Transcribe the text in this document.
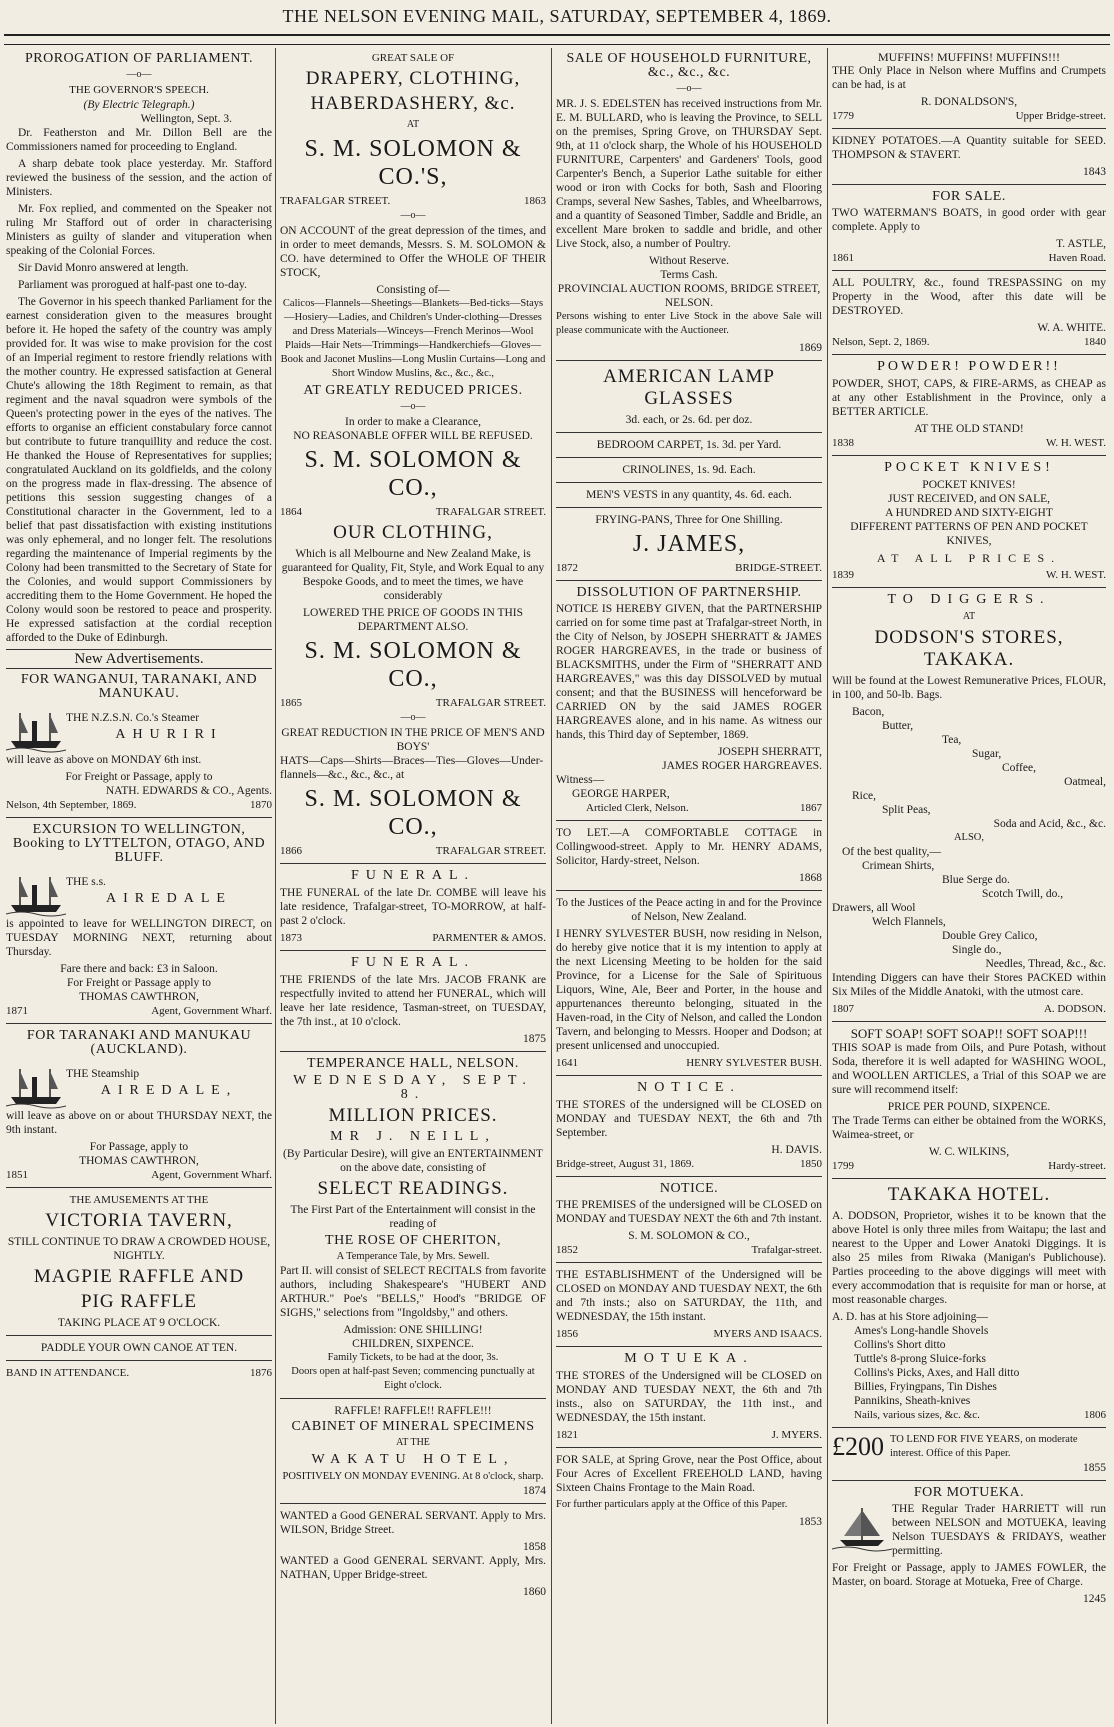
THE NELSON EVENING MAIL, SATURDAY, SEPTEMBER 4, 1869.
PROROGATION OF PARLIAMENT.
—o—
THE GOVERNOR'S SPEECH.
(By Electric Telegraph.)
Wellington, Sept. 3.

Dr. Featherston and Mr. Dillon Bell are the Commissioners named for proceeding to England.

A sharp debate took place yesterday. Mr. Stafford reviewed the business of the session, and the action of Ministers.

Mr. Fox replied, and commented on the Speaker not ruling Mr Stafford out of order in characterising Ministers as guilty of slander and vituperation when speaking of the Colonial Forces.

Sir David Monro answered at length.

Parliament was prorogued at half-past one to-day.

The Governor in his speech thanked Parliament for the earnest consideration given to the measures brought before it. He hoped the safety of the country was amply provided for. It was wise to make provision for the cost of an Imperial regiment to restore friendly relations with the mother country. He expressed satisfaction at General Chute's allowing the 18th Regiment to remain, as that regiment and the naval squadron were symbols of the Queen's protecting power in the eyes of the natives. The efforts to organise an efficient constabulary force cannot but contribute to future tranquillity and reduce the cost. He thanked the House of Representatives for supplies; congratulated Auckland on its goldfields, and the colony on the progress made in flax-dressing. The absence of petitions this session suggesting changes of a Constitutional character in the Government, led to a belief that past dissatisfaction with existing institutions was only ephemeral, and no longer felt. The resolutions regarding the maintenance of Imperial regiments by the Colony had been transmitted to the Secretary of State for the Colonies, and would support Commissioners by accrediting them to the Home Government. He hoped the Colony would soon be restored to peace and prosperity. He expressed satisfaction at the cordial reception afforded to the Duke of Edinburgh.

New Advertisements.
FOR WANGANUI, TARANAKI, AND MANUKAU.
THE N.Z.S.N. Co.'s Steamer
AHURIRI

will leave as above on MONDAY 6th inst.

For Freight or Passage, apply to
NATH. EDWARDS & CO., Agents.
Nelson, 4th September, 1869.	1870
EXCURSION TO WELLINGTON, Booking to LYTTELTON, OTAGO, AND BLUFF.
THE s.s.
AIREDALE

is appointed to leave for WELLINGTON DIRECT, on TUESDAY MORNING NEXT, returning about Thursday.

Fare there and back: £3 in Saloon.
For Freight or Passage apply to
THOMAS CAWTHRON,
1871	Agent, Government Wharf.
FOR TARANAKI AND MANUKAU (AUCKLAND).
THE Steamship
AIREDALE,

will leave as above on or about THURSDAY NEXT, the 9th instant.

For Passage, apply to
THOMAS CAWTHRON,
1851	Agent, Government Wharf.
THE AMUSEMENTS AT THE
VICTORIA TAVERN,
STILL CONTINUE TO DRAW A CROWDED HOUSE, NIGHTLY.
MAGPIE RAFFLE AND
PIG RAFFLE
TAKING PLACE AT 9 O'CLOCK.
PADDLE YOUR OWN CANOE AT TEN.
BAND IN ATTENDANCE.	1876
GREAT SALE OF
DRAPERY, CLOTHING,
HABERDASHERY, &c.
AT
S. M. SOLOMON & CO.'S,
TRAFALGAR STREET.	1863
—o—

ON ACCOUNT of the great depression of the times, and in order to meet demands, Messrs. S. M. SOLOMON & CO. have determined to Offer the WHOLE OF THEIR STOCK,

Consisting of—

Calicos—Flannels—Sheetings—Blankets—Bed-ticks—Stays—Hosiery—Ladies, and Children's Under-clothing—Dresses and Dress Materials—Winceys—French Merinos—Wool Plaids—Hair Nets—Trimmings—Handkerchiefs—Gloves—Book and Jaconet Muslins—Long Muslin Curtains—Long and Short Window Muslins, &c., &c., &c.,

AT GREATLY REDUCED PRICES.
—o—
In order to make a Clearance,
NO REASONABLE OFFER WILL BE REFUSED.
S. M. SOLOMON & CO.,
1864	TRAFALGAR STREET.
OUR CLOTHING,

Which is all Melbourne and New Zealand Make, is guaranteed for Quality, Fit, Style, and Work Equal to any Bespoke Goods, and to meet the times, we have considerably

LOWERED THE PRICE OF GOODS IN THIS DEPARTMENT ALSO.
S. M. SOLOMON & CO.,
1865	TRAFALGAR STREET.
—o—
GREAT REDUCTION IN THE PRICE OF MEN'S AND BOYS'

HATS—Caps—Shirts—Braces—Ties—Gloves—Under-flannels—&c., &c., &c., at

S. M. SOLOMON & CO.,
1866	TRAFALGAR STREET.
FUNERAL.

THE FUNERAL of the late Dr. COMBE will leave his late residence, Trafalgar-street, TO-MORROW, at half-past 2 o'clock.

1873	PARMENTER & AMOS.
FUNERAL.

THE FRIENDS of the late Mrs. JACOB FRANK are respectfully invited to attend her FUNERAL, which will leave her late residence, Tasman-street, on TUESDAY, the 7th inst., at 10 o'clock.

1875
TEMPERANCE HALL, NELSON.
WEDNESDAY, SEPT. 8.
MILLION PRICES.
MR J. NEILL,

(By Particular Desire), will give an ENTERTAINMENT on the above date, consisting of

SELECT READINGS.

The First Part of the Entertainment will consist in the reading of

THE ROSE OF CHERITON,
A Temperance Tale, by Mrs. Sewell.

Part II. will consist of SELECT RECITALS from favorite authors, including Shakespeare's "HUBERT AND ARTHUR." Poe's "BELLS," Hood's "BRIDGE OF SIGHS," selections from "Ingoldsby," and others.

Admission: ONE SHILLING!
CHILDREN, SIXPENCE.
Family Tickets, to be had at the door, 3s.

Doors open at half-past Seven; commencing punctually at Eight o'clock.

RAFFLE! RAFFLE!! RAFFLE!!!
CABINET OF MINERAL SPECIMENS
AT THE
WAKATU HOTEL,
POSITIVELY ON MONDAY EVENING. At 8 o'clock, sharp.
1874

WANTED a Good GENERAL SERVANT. Apply to Mrs. WILSON, Bridge Street.

1858

WANTED a Good GENERAL SERVANT. Apply, Mrs. NATHAN, Upper Bridge-street.

1860
SALE OF HOUSEHOLD FURNITURE, &c., &c., &c.
—o—

MR. J. S. EDELSTEN has received instructions from Mr. E. M. BULLARD, who is leaving the Province, to SELL on the premises, Spring Grove, on THURSDAY Sept. 9th, at 11 o'clock sharp, the Whole of his HOUSEHOLD FURNITURE, Carpenters' and Gardeners' Tools, good Carpenter's Bench, a Superior Lathe suitable for either wood or iron with Cocks for both, Sash and Flooring Cramps, several New Sashes, Tables, and Wheelbarrows, and a quantity of Seasoned Timber, Saddle and Bridle, an excellent Mare broken to saddle and bridle, and other Live Stock, also, a number of Poultry.

Without Reserve.
Terms Cash.
PROVINCIAL AUCTION ROOMS, BRIDGE STREET, NELSON.

Persons wishing to enter Live Stock in the above Sale will please communicate with the Auctioneer.

1869
AMERICAN LAMP GLASSES
3d. each, or 2s. 6d. per doz.
BEDROOM CARPET, 1s. 3d. per Yard.
CRINOLINES, 1s. 9d. Each.
MEN'S VESTS in any quantity, 4s. 6d. each.
FRYING-PANS, Three for One Shilling.
J. JAMES,
1872	BRIDGE-STREET.
DISSOLUTION OF PARTNERSHIP.

NOTICE IS HEREBY GIVEN, that the PARTNERSHIP carried on for some time past at Trafalgar-street North, in the City of Nelson, by JOSEPH SHERRATT & JAMES ROGER HARGREAVES, in the trade or business of BLACKSMITHS, under the Firm of "SHERRATT AND HARGREAVES," was this day DISSOLVED by mutual consent; and that the BUSINESS will henceforward be CARRIED ON by the said JAMES ROGER HARGREAVES alone, and in his name. As witness our hands, this Third day of September, 1869.

JOSEPH SHERRATT,
JAMES ROGER HARGREAVES.
Witness—
GEORGE HARPER,
Articled Clerk, Nelson.	1867

TO LET.—A COMFORTABLE COTTAGE in Collingwood-street. Apply to Mr. HENRY ADAMS, Solicitor, Hardy-street, Nelson.

1868

To the Justices of the Peace acting in and for the Province of Nelson, New Zealand.

I HENRY SYLVESTER BUSH, now residing in Nelson, do hereby give notice that it is my intention to apply at the next Licensing Meeting to be holden for the said Province, for a License for the Sale of Spirituous Liquors, Wine, Ale, Beer and Porter, in the house and appurtenances thereunto belonging, situated in the Haven-road, in the City of Nelson, and called the London Tavern, and belonging to Messrs. Hooper and Dodson; at present unlicensed and unoccupied.

1641	HENRY SYLVESTER BUSH.
NOTICE.

THE STORES of the undersigned will be CLOSED on MONDAY and TUESDAY NEXT, the 6th and 7th September.

H. DAVIS.
Bridge-street, August 31, 1869.	1850
NOTICE.

THE PREMISES of the undersigned will be CLOSED on MONDAY and TUESDAY NEXT the 6th and 7th instant.

S. M. SOLOMON & CO.,
1852	Trafalgar-street.

THE ESTABLISHMENT of the Undersigned will be CLOSED on MONDAY AND TUESDAY NEXT, the 6th and 7th insts.; also on SATURDAY, the 11th, and WEDNESDAY, the 15th instant.

1856	MYERS AND ISAACS.
MOTUEKA.

THE STORES of the Undersigned will be CLOSED on MONDAY AND TUESDAY NEXT, the 6th and 7th insts., also on SATURDAY, the 11th inst., and WEDNESDAY, the 15th instant.

1821	J. MYERS.

FOR SALE, at Spring Grove, near the Post Office, about Four Acres of Excellent FREEHOLD LAND, having Sixteen Chains Frontage to the Main Road.

For further particulars apply at the Office of this Paper.

1853
MUFFINS! MUFFINS! MUFFINS!!!

THE Only Place in Nelson where Muffins and Crumpets can be had, is at

R. DONALDSON'S,
1779	Upper Bridge-street.

KIDNEY POTATOES.—A Quantity suitable for SEED. THOMPSON & STAVERT.

1843
FOR SALE.

TWO WATERMAN'S BOATS, in good order with gear complete. Apply to

T. ASTLE,
1861	Haven Road.

ALL POULTRY, &c., found TRESPASSING on my Property in the Wood, after this date will be DESTROYED.

W. A. WHITE.
Nelson, Sept. 2, 1869.	1840
POWDER! POWDER!!

POWDER, SHOT, CAPS, & FIRE-ARMS, as CHEAP as at any other Establishment in the Province, only a BETTER ARTICLE.

AT THE OLD STAND!
1838	W. H. WEST.
POCKET KNIVES!
POCKET KNIVES!
JUST RECEIVED, and ON SALE,
A HUNDRED AND SIXTY-EIGHT
DIFFERENT PATTERNS OF PEN AND POCKET KNIVES,
AT ALL PRICES.
1839	W. H. WEST.
TO DIGGERS.
AT
DODSON'S STORES, TAKAKA.

Will be found at the Lowest Remunerative Prices, FLOUR, in 100, and 50-lb. Bags.

Bacon,
Butter,
Tea,
Sugar,
Coffee,
Oatmeal,
Rice,
Split Peas,
Soda and Acid, &c., &c.
ALSO,
Of the best quality,—
Crimean Shirts,
Blue Serge do.
Scotch Twill, do.,
Drawers, all Wool
Welch Flannels,
Double Grey Calico,
Single do.,
Needles, Thread, &c., &c.

Intending Diggers can have their Stores PACKED within Six Miles of the Middle Anatoki, with the utmost care.

1807	A. DODSON.
SOFT SOAP! SOFT SOAP!! SOFT SOAP!!!

THIS SOAP is made from Oils, and Pure Potash, without Soda, therefore it is well adapted for WASHING WOOL, and WOOLLEN ARTICLES, a Trial of this SOAP we are sure will recommend itself:

PRICE PER POUND, SIXPENCE.

The Trade Terms can either be obtained from the WORKS, Waimea-street, or

W. C. WILKINS,
1799	Hardy-street.
TAKAKA HOTEL.

A. DODSON, Proprietor, wishes it to be known that the above Hotel is only three miles from Waitapu; the last and nearest to the Upper and Lower Anatoki Diggings. It is also 25 miles from Riwaka (Manigan's Publichouse). Parties proceeding to the above diggings will meet with every accommodation that is requisite for man or horse, at most reasonable charges.

A. D. has at his Store adjoining—
Ames's Long-handle Shovels
Collins's Short ditto
Tuttle's 8-prong Sluice-forks
Collins's Picks, Axes, and Hall ditto
Billies, Fryingpans, Tin Dishes
Pannikins, Sheath-knives
Nails, various sizes, &c. &c.	1806
£200 TO LEND FOR FIVE YEARS, on moderate interest. Office of this Paper.
1855
FOR MOTUEKA.

THE Regular Trader HARRIETT will run between NELSON and MOTUEKA, leaving Nelson TUESDAYS & FRIDAYS, weather permitting.

For Freight or Passage, apply to JAMES FOWLER, the Master, on board. Storage at Motueka, Free of Charge.

1245
